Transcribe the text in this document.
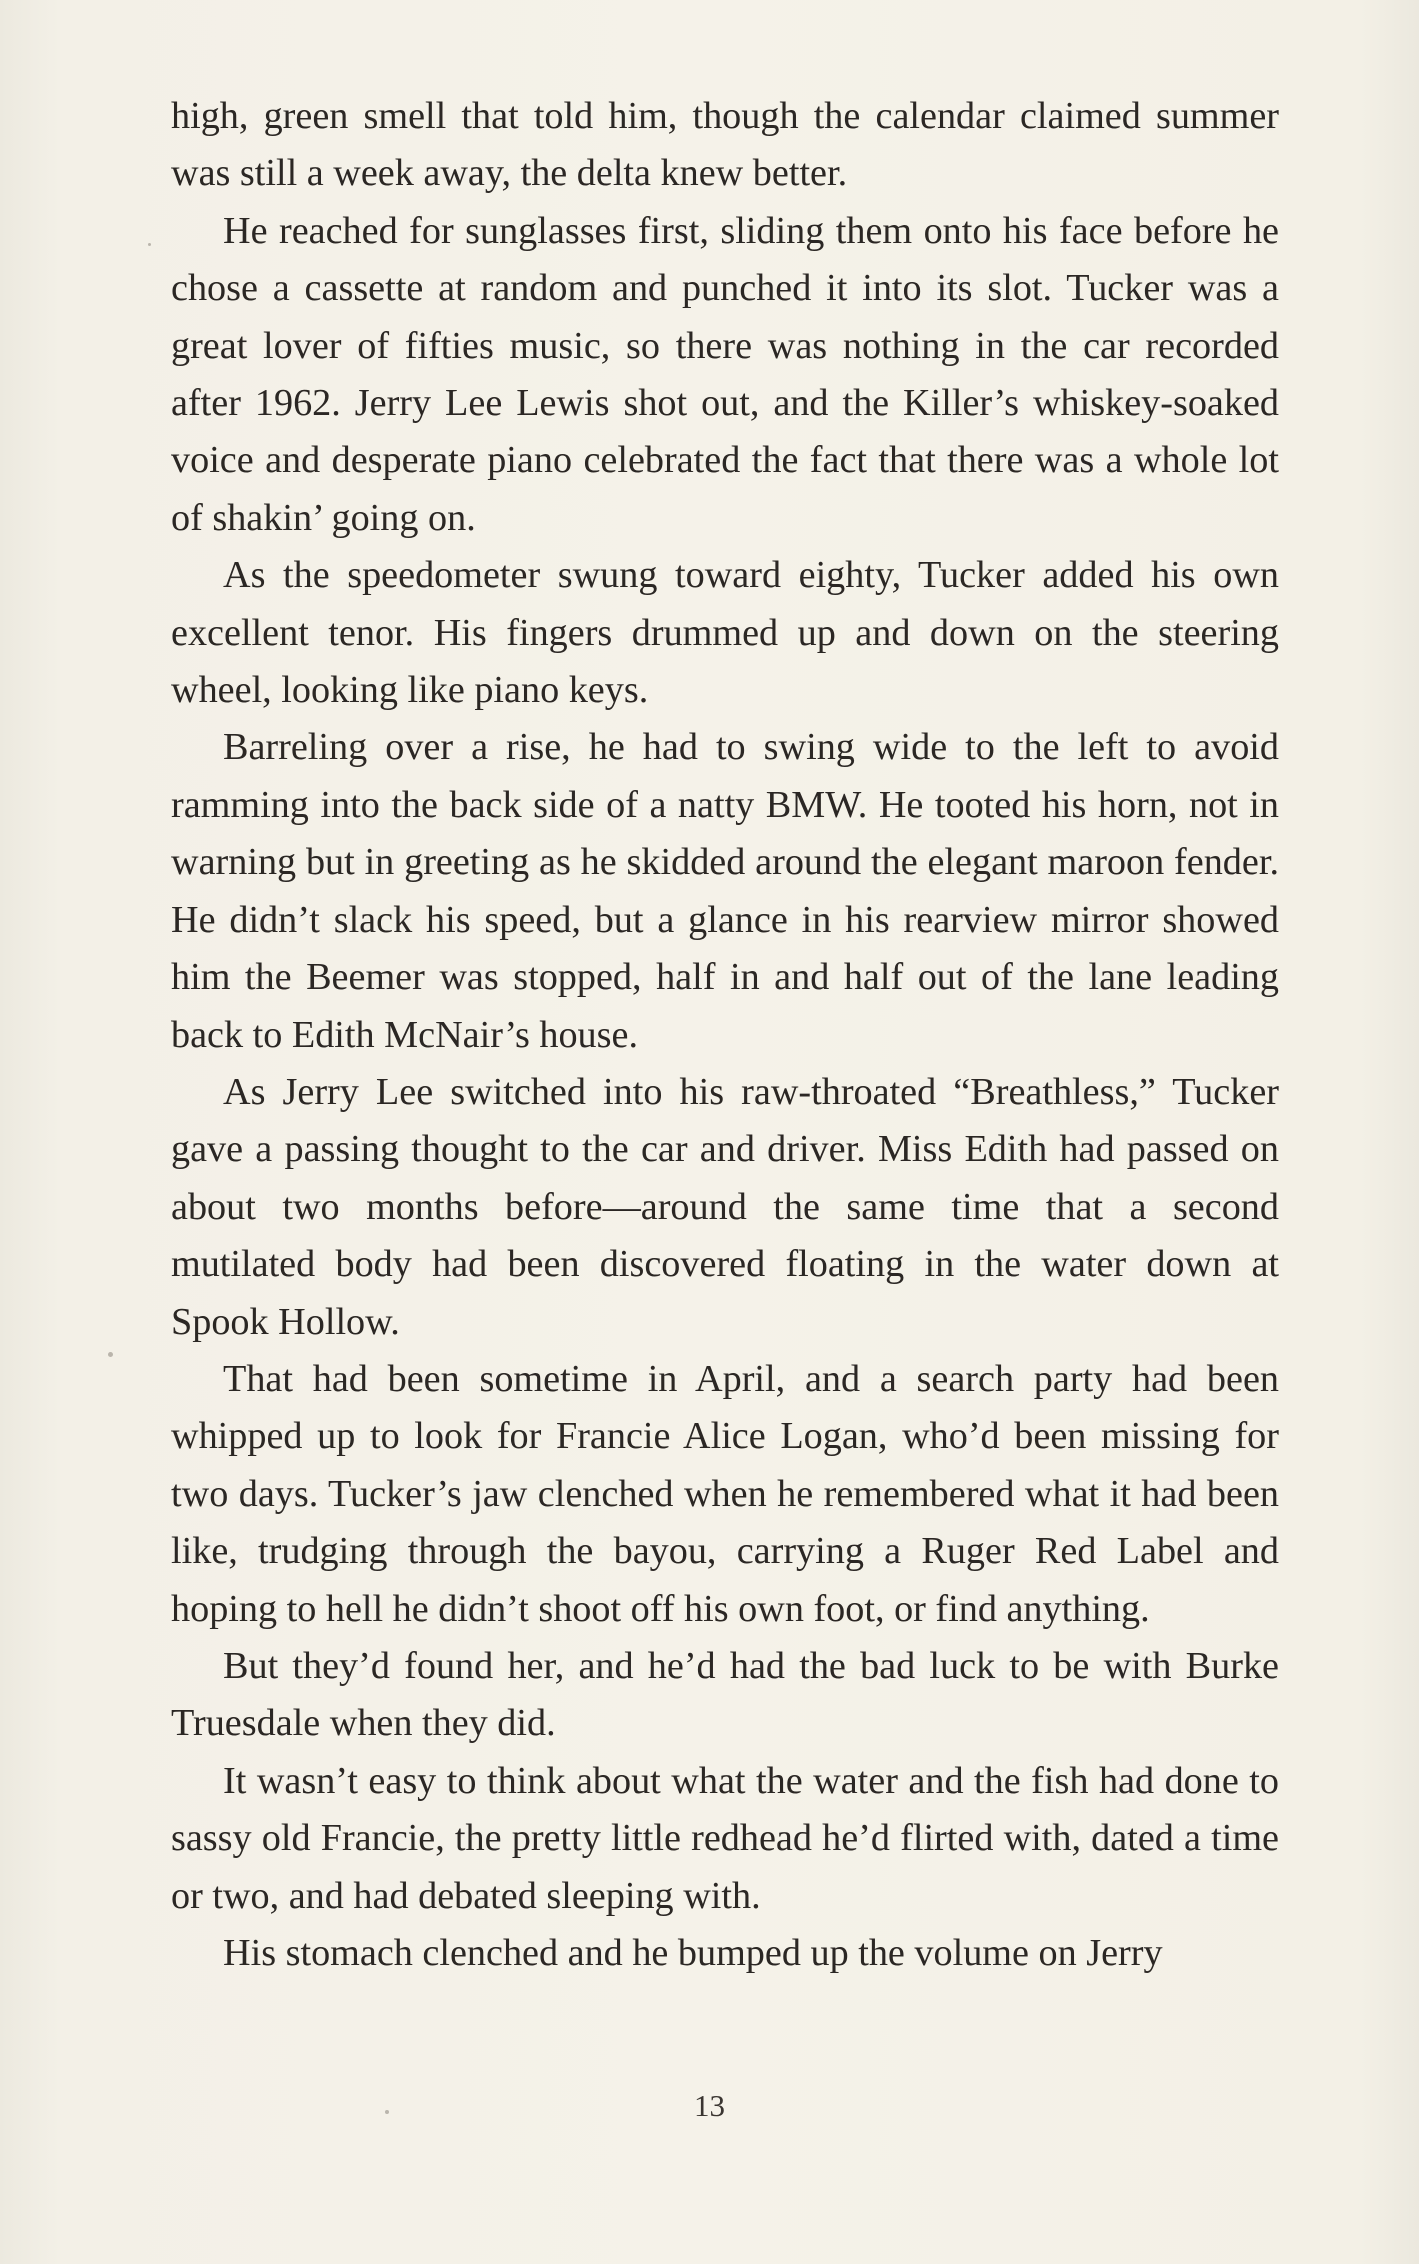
high, green smell that told him, though the calendar claimed summer was still a week away, the delta knew better.

He reached for sunglasses first, sliding them onto his face before he chose a cassette at random and punched it into its slot. Tucker was a great lover of fifties music, so there was nothing in the car recorded after 1962. Jerry Lee Lewis shot out, and the Killer’s whiskey-soaked voice and desperate piano celebrated the fact that there was a whole lot of shakin’ going on.

As the speedometer swung toward eighty, Tucker added his own excellent tenor. His fingers drummed up and down on the steering wheel, looking like piano keys.

Barreling over a rise, he had to swing wide to the left to avoid ramming into the back side of a natty BMW. He tooted his horn, not in warning but in greeting as he skidded around the elegant maroon fender. He didn’t slack his speed, but a glance in his rearview mirror showed him the Beemer was stopped, half in and half out of the lane leading back to Edith McNair’s house.

As Jerry Lee switched into his raw-throated “Breathless,” Tucker gave a passing thought to the car and driver. Miss Edith had passed on about two months before—around the same time that a second mutilated body had been discovered floating in the water down at Spook Hollow.

That had been sometime in April, and a search party had been whipped up to look for Francie Alice Logan, who’d been missing for two days. Tucker’s jaw clenched when he remembered what it had been like, trudging through the bayou, carrying a Ruger Red Label and hoping to hell he didn’t shoot off his own foot, or find anything.

But they’d found her, and he’d had the bad luck to be with Burke Truesdale when they did.

It wasn’t easy to think about what the water and the fish had done to sassy old Francie, the pretty little redhead he’d flirted with, dated a time or two, and had debated sleeping with.

His stomach clenched and he bumped up the volume on Jerry

13
